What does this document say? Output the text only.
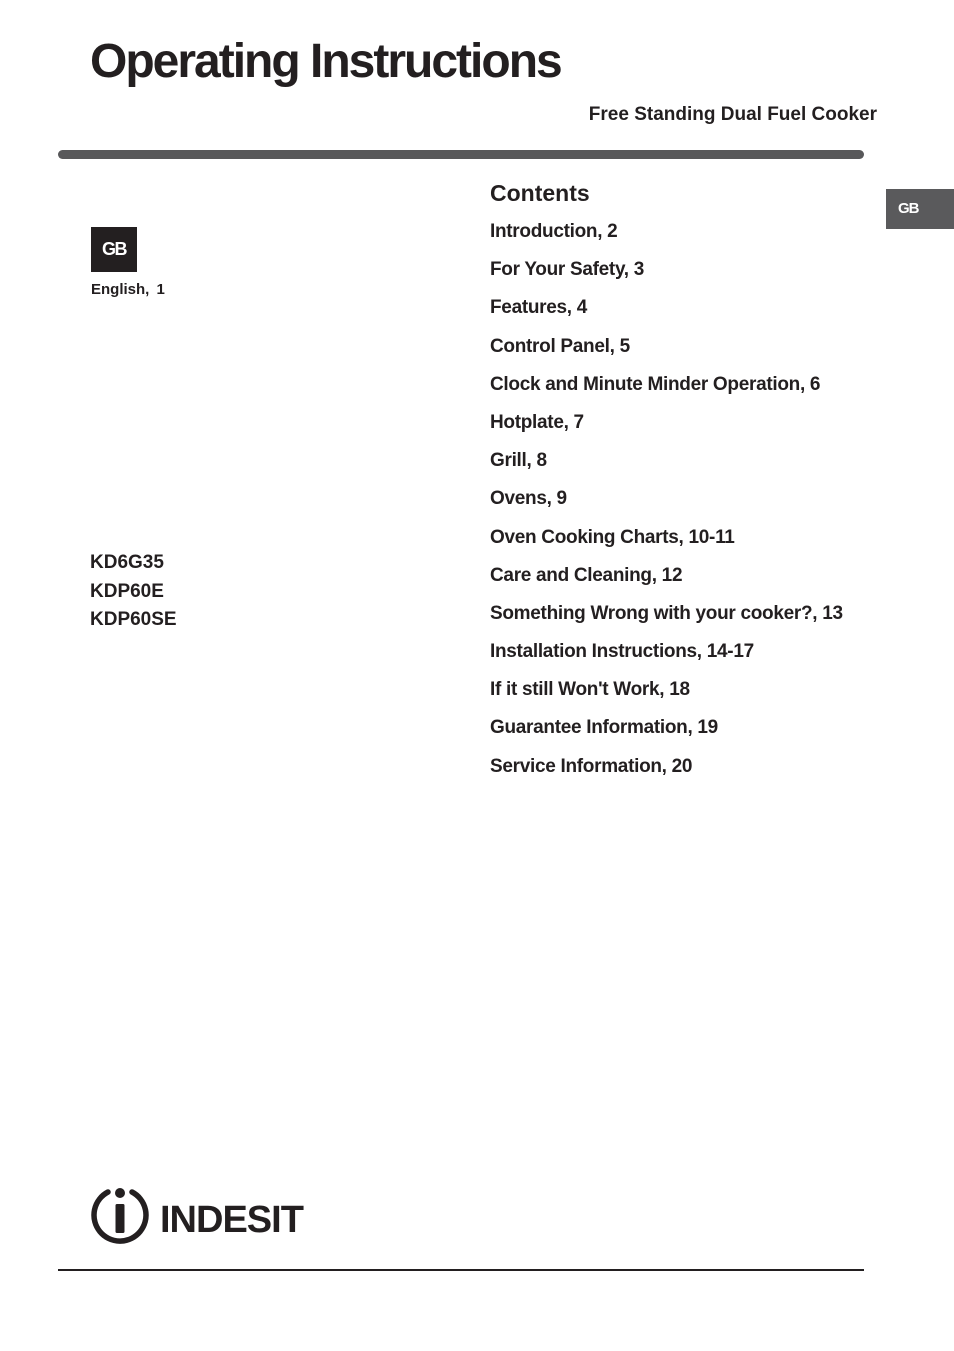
Operating Instructions
Free Standing Dual Fuel Cooker
GB
GB
English, 1
KD6G35
KDP60E
KDP60SE
Contents
Introduction, 2
For Your Safety, 3
Features, 4
Control Panel, 5
Clock and Minute Minder Operation, 6
Hotplate, 7
Grill, 8
Ovens, 9
Oven Cooking Charts, 10-11
Care and Cleaning, 12
Something Wrong with your cooker?, 13
Installation Instructions, 14-17
If it still Won't Work, 18
Guarantee Information, 19
Service Information, 20
INDESIT
